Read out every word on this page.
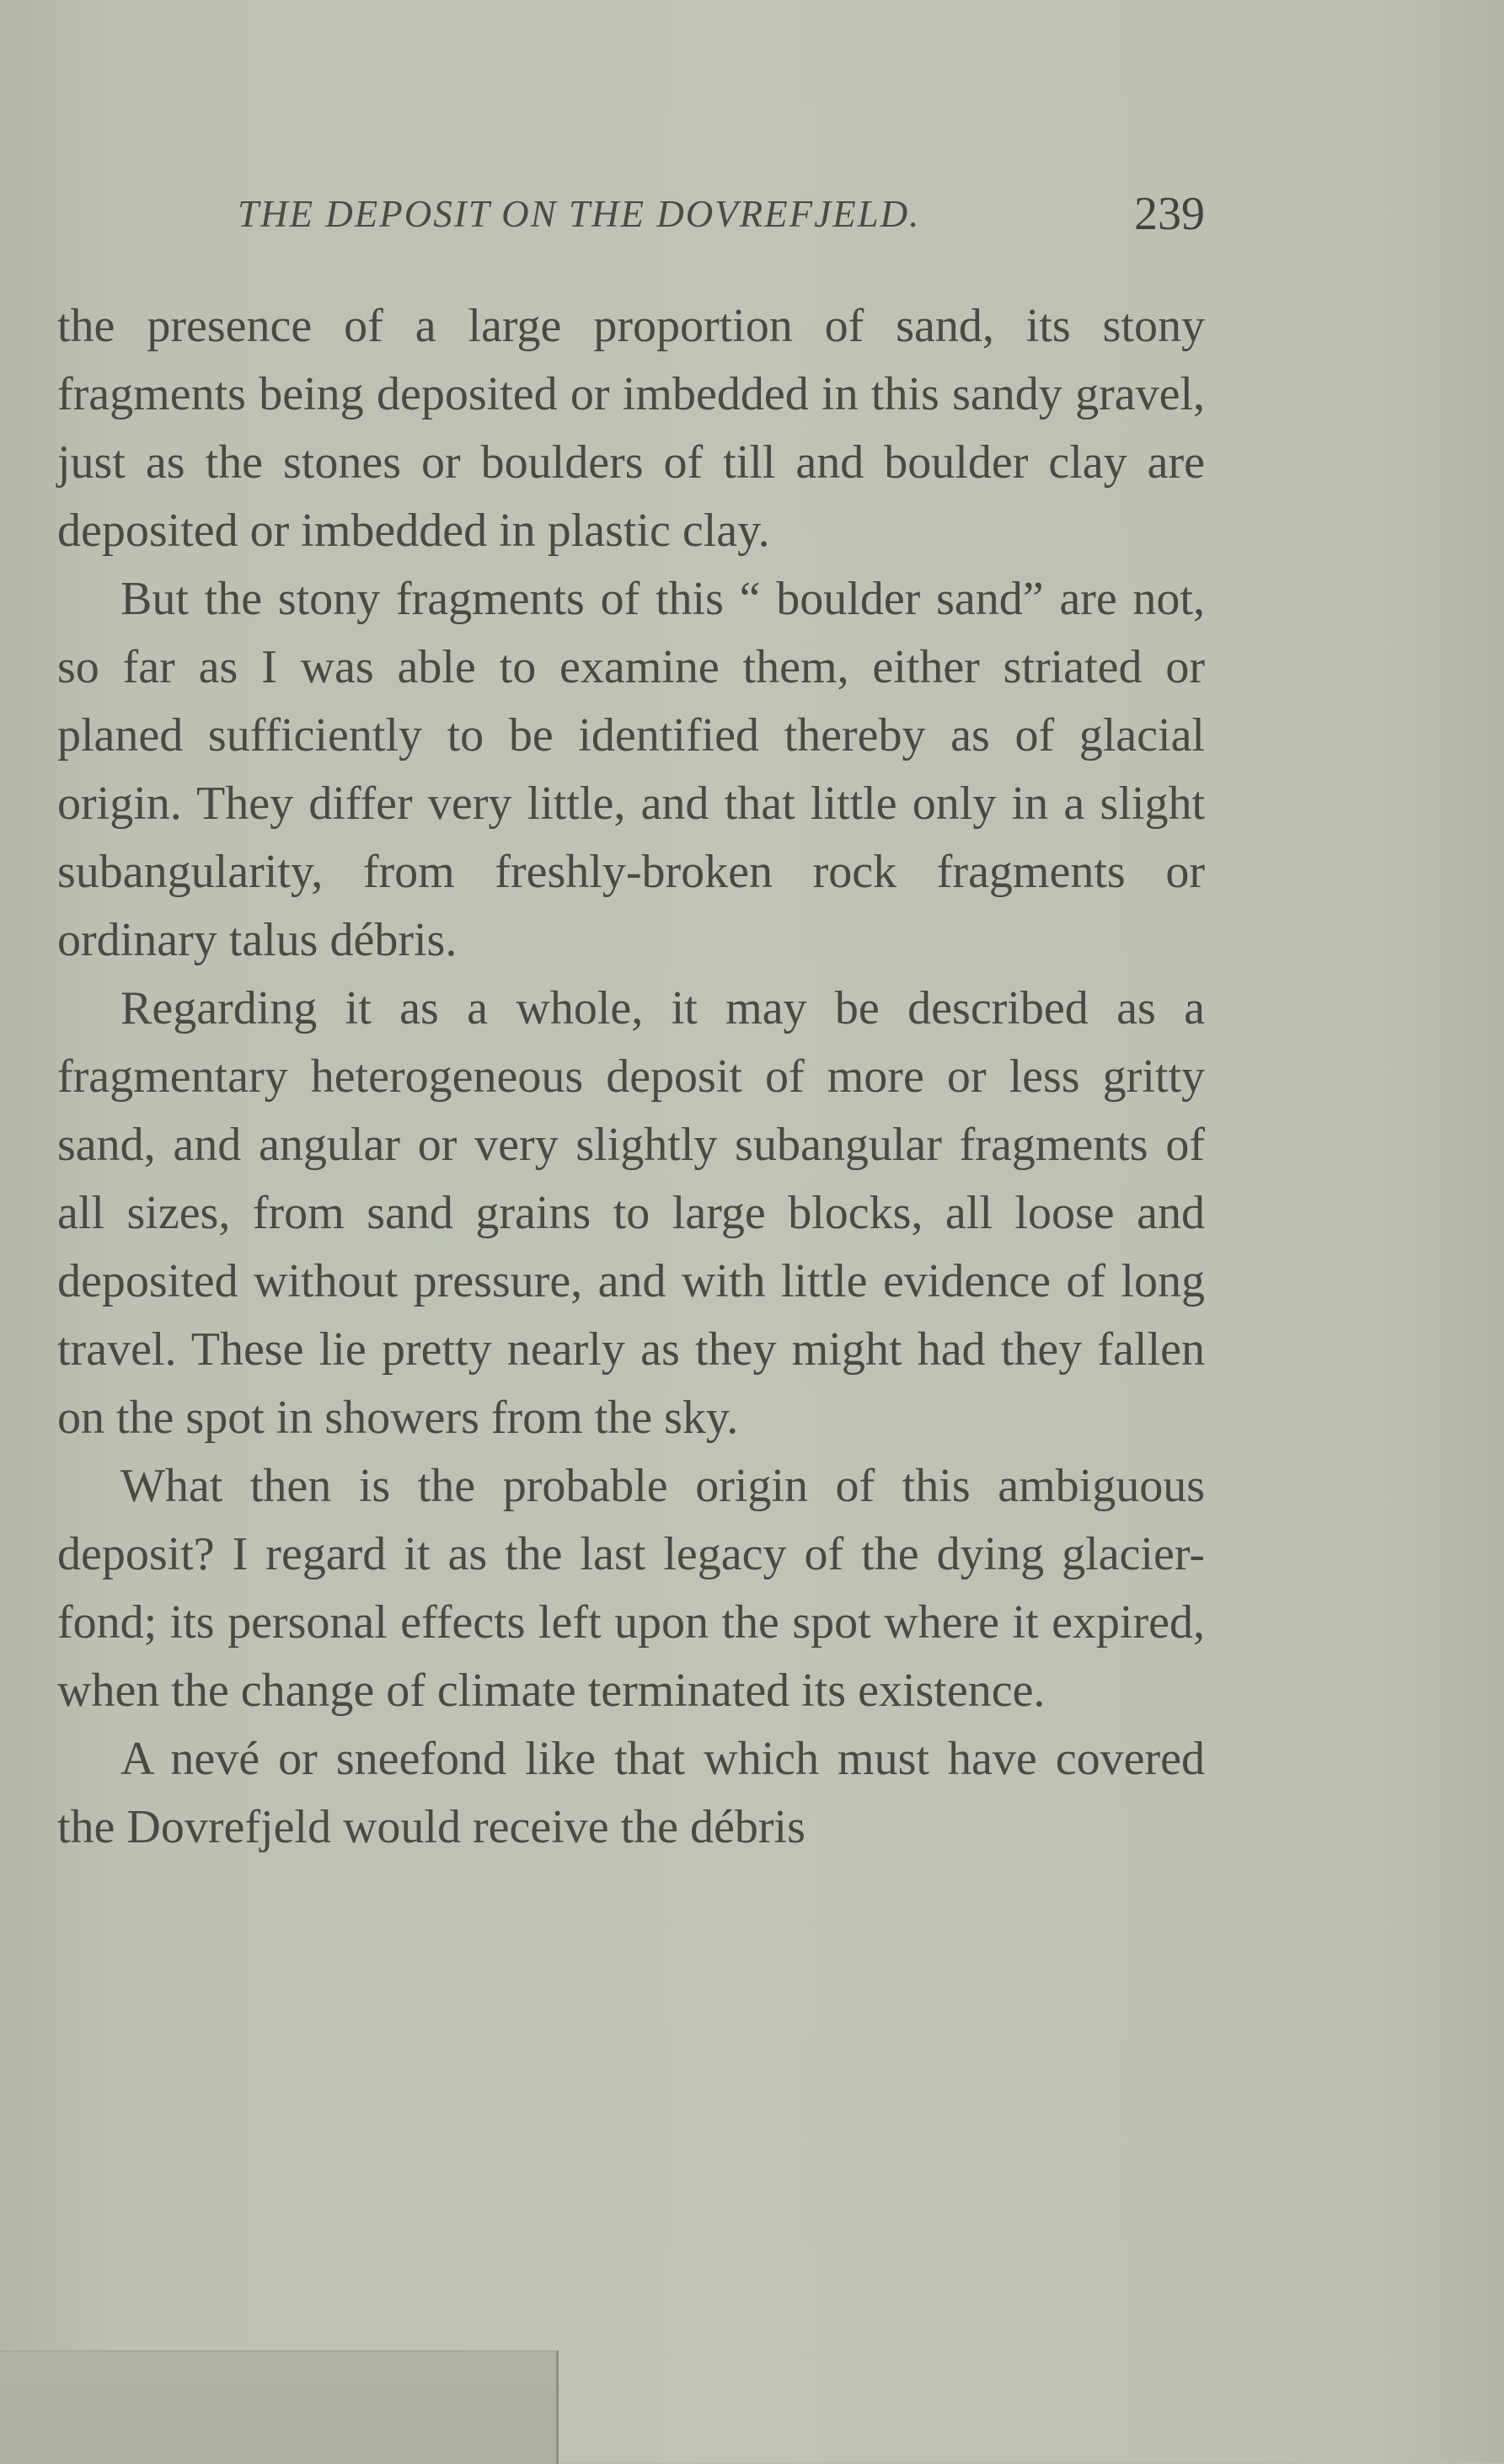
THE DEPOSIT ON THE DOVREFJELD.	239

the presence of a large proportion of sand, its stony fragments being deposited or imbedded in this sandy gravel, just as the stones or boulders of till and boulder clay are deposited or imbedded in plastic clay.

But the stony fragments of this “ boulder sand” are not, so far as I was able to examine them, either striated or planed sufficiently to be identified thereby as of glacial origin. They differ very little, and that little only in a slight subangularity, from freshly-broken rock fragments or ordinary talus débris.

Regarding it as a whole, it may be described as a fragmentary heterogeneous deposit of more or less gritty sand, and angular or very slightly subangular fragments of all sizes, from sand grains to large blocks, all loose and deposited without pressure, and with little evidence of long travel. These lie pretty nearly as they might had they fallen on the spot in showers from the sky.

What then is the probable origin of this ambiguous deposit? I regard it as the last legacy of the dying glacier-fond; its personal effects left upon the spot where it expired, when the change of climate terminated its existence.

A nevé or sneefond like that which must have covered the Dovrefjeld would receive the débris
